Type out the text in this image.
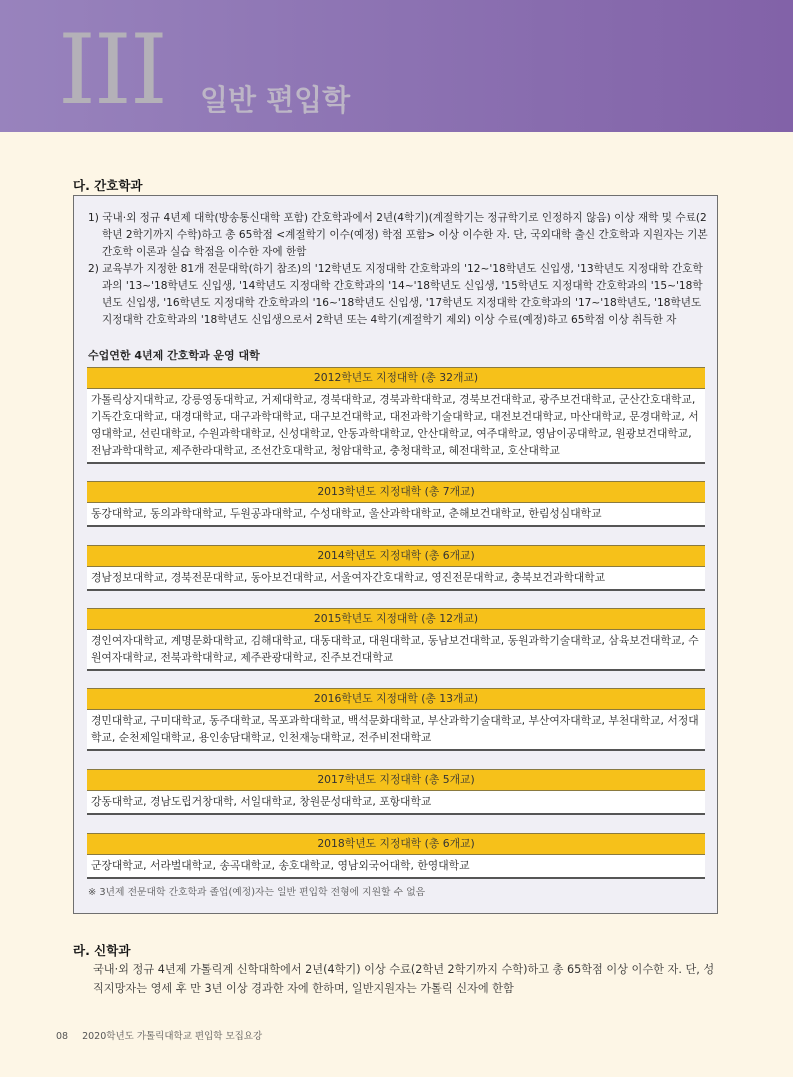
III 일반 편입학
다. 간호학과

1) 국내·외 정규 4년제 대학(방송통신대학 포함) 간호학과에서 2년(4학기)(계절학기는 정규학기로 인정하지 않음) 이상 재학 및 수료(2학년 2학기까지 수학)하고 총 65학점 <계절학기 이수(예정) 학점 포함> 이상 이수한 자. 단, 국외대학 출신 간호학과 지원자는 기본 간호학 이론과 실습 학점을 이수한 자에 한함

2) 교육부가 지정한 81개 전문대학(하기 참조)의 '12학년도 지정대학 간호학과의 '12~'18학년도 신입생, '13학년도 지정대학 간호학과의 '13~'18학년도 신입생, '14학년도 지정대학 간호학과의 '14~'18학년도 신입생, '15학년도 지정대학 간호학과의 '15~'18학년도 신입생, '16학년도 지정대학 간호학과의 '16~'18학년도 신입생, '17학년도 지정대학 간호학과의 '17~'18학년도, '18학년도 지정대학 간호학과의 '18학년도 신입생으로서 2학년 또는 4학기(계절학기 제외) 이상 수료(예정)하고 65학점 이상 취득한 자

수업연한 4년제 간호학과 운영 대학
2012학년도 지정대학 (총 32개교)
가톨릭상지대학교, 강릉영동대학교, 거제대학교, 경북대학교, 경북과학대학교, 경북보건대학교, 광주보건대학교, 군산간호대학교, 기독간호대학교, 대경대학교, 대구과학대학교, 대구보건대학교, 대전과학기술대학교, 대전보건대학교, 마산대학교, 문경대학교, 서영대학교, 선린대학교, 수원과학대학교, 신성대학교, 안동과학대학교, 안산대학교, 여주대학교, 영남이공대학교, 원광보건대학교, 전남과학대학교, 제주한라대학교, 조선간호대학교, 청암대학교, 충청대학교, 혜전대학교, 호산대학교
2013학년도 지정대학 (총 7개교)
동강대학교, 동의과학대학교, 두원공과대학교, 수성대학교, 울산과학대학교, 춘해보건대학교, 한림성심대학교
2014학년도 지정대학 (총 6개교)
경남정보대학교, 경북전문대학교, 동아보건대학교, 서울여자간호대학교, 영진전문대학교, 충북보건과학대학교
2015학년도 지정대학 (총 12개교)
경인여자대학교, 계명문화대학교, 김해대학교, 대동대학교, 대원대학교, 동남보건대학교, 동원과학기술대학교, 삼육보건대학교, 수원여자대학교, 전북과학대학교, 제주관광대학교, 진주보건대학교
2016학년도 지정대학 (총 13개교)
경민대학교, 구미대학교, 동주대학교, 목포과학대학교, 백석문화대학교, 부산과학기술대학교, 부산여자대학교, 부천대학교, 서정대학교, 순천제일대학교, 용인송담대학교, 인천재능대학교, 전주비전대학교
2017학년도 지정대학 (총 5개교)
강동대학교, 경남도립거창대학, 서일대학교, 창원문성대학교, 포항대학교
2018학년도 지정대학 (총 6개교)
군장대학교, 서라벌대학교, 송곡대학교, 송호대학교, 영남외국어대학, 한영대학교
※ 3년제 전문대학 간호학과 졸업(예정)자는 일반 편입학 전형에 지원할 수 없음
라. 신학과
국내·외 정규 4년제 가톨릭계 신학대학에서 2년(4학기) 이상 수료(2학년 2학기까지 수학)하고 총 65학점 이상 이수한 자. 단, 성직지망자는 영세 후 만 3년 이상 경과한 자에 한하며, 일반지원자는 가톨릭 신자에 한함
08 2020학년도 가톨릭대학교 편입학 모집요강
